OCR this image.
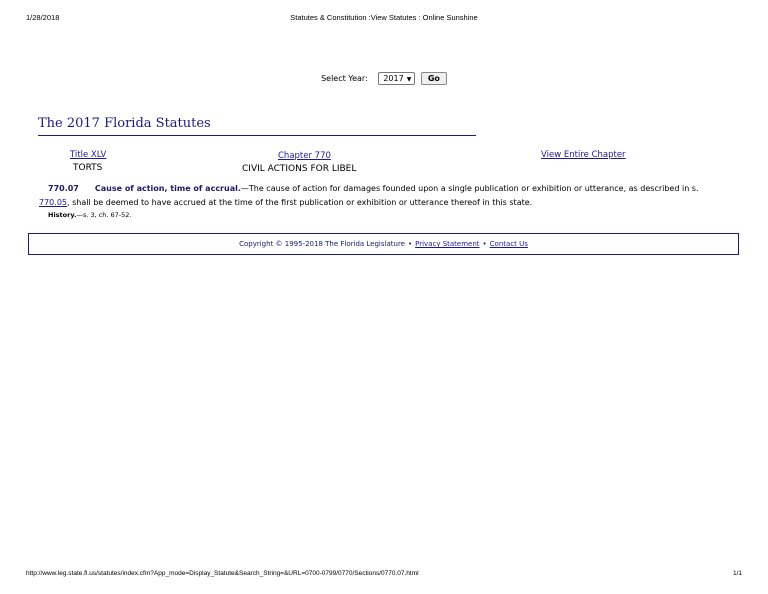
1/28/2018	Statutes & Constitution :View Statutes : Online Sunshine
Select Year: 2017 ▼ Go
The 2017 Florida Statutes
Title XLV
TORTS
Chapter 770
CIVIL ACTIONS FOR LIBEL
View Entire Chapter
770.07 Cause of action, time of accrual.—The cause of action for damages founded upon a single publication or exhibition or utterance, as described in s. 770.05, shall be deemed to have accrued at the time of the first publication or exhibition or utterance thereof in this state.
History.—s. 3, ch. 67-52.
Copyright © 1995-2018 The Florida Legislature • Privacy Statement • Contact Us
http://www.leg.state.fl.us/statutes/index.cfm?App_mode=Display_Statute&Search_String=&URL=0700-0799/0770/Sections/0770.07.html	1/1
